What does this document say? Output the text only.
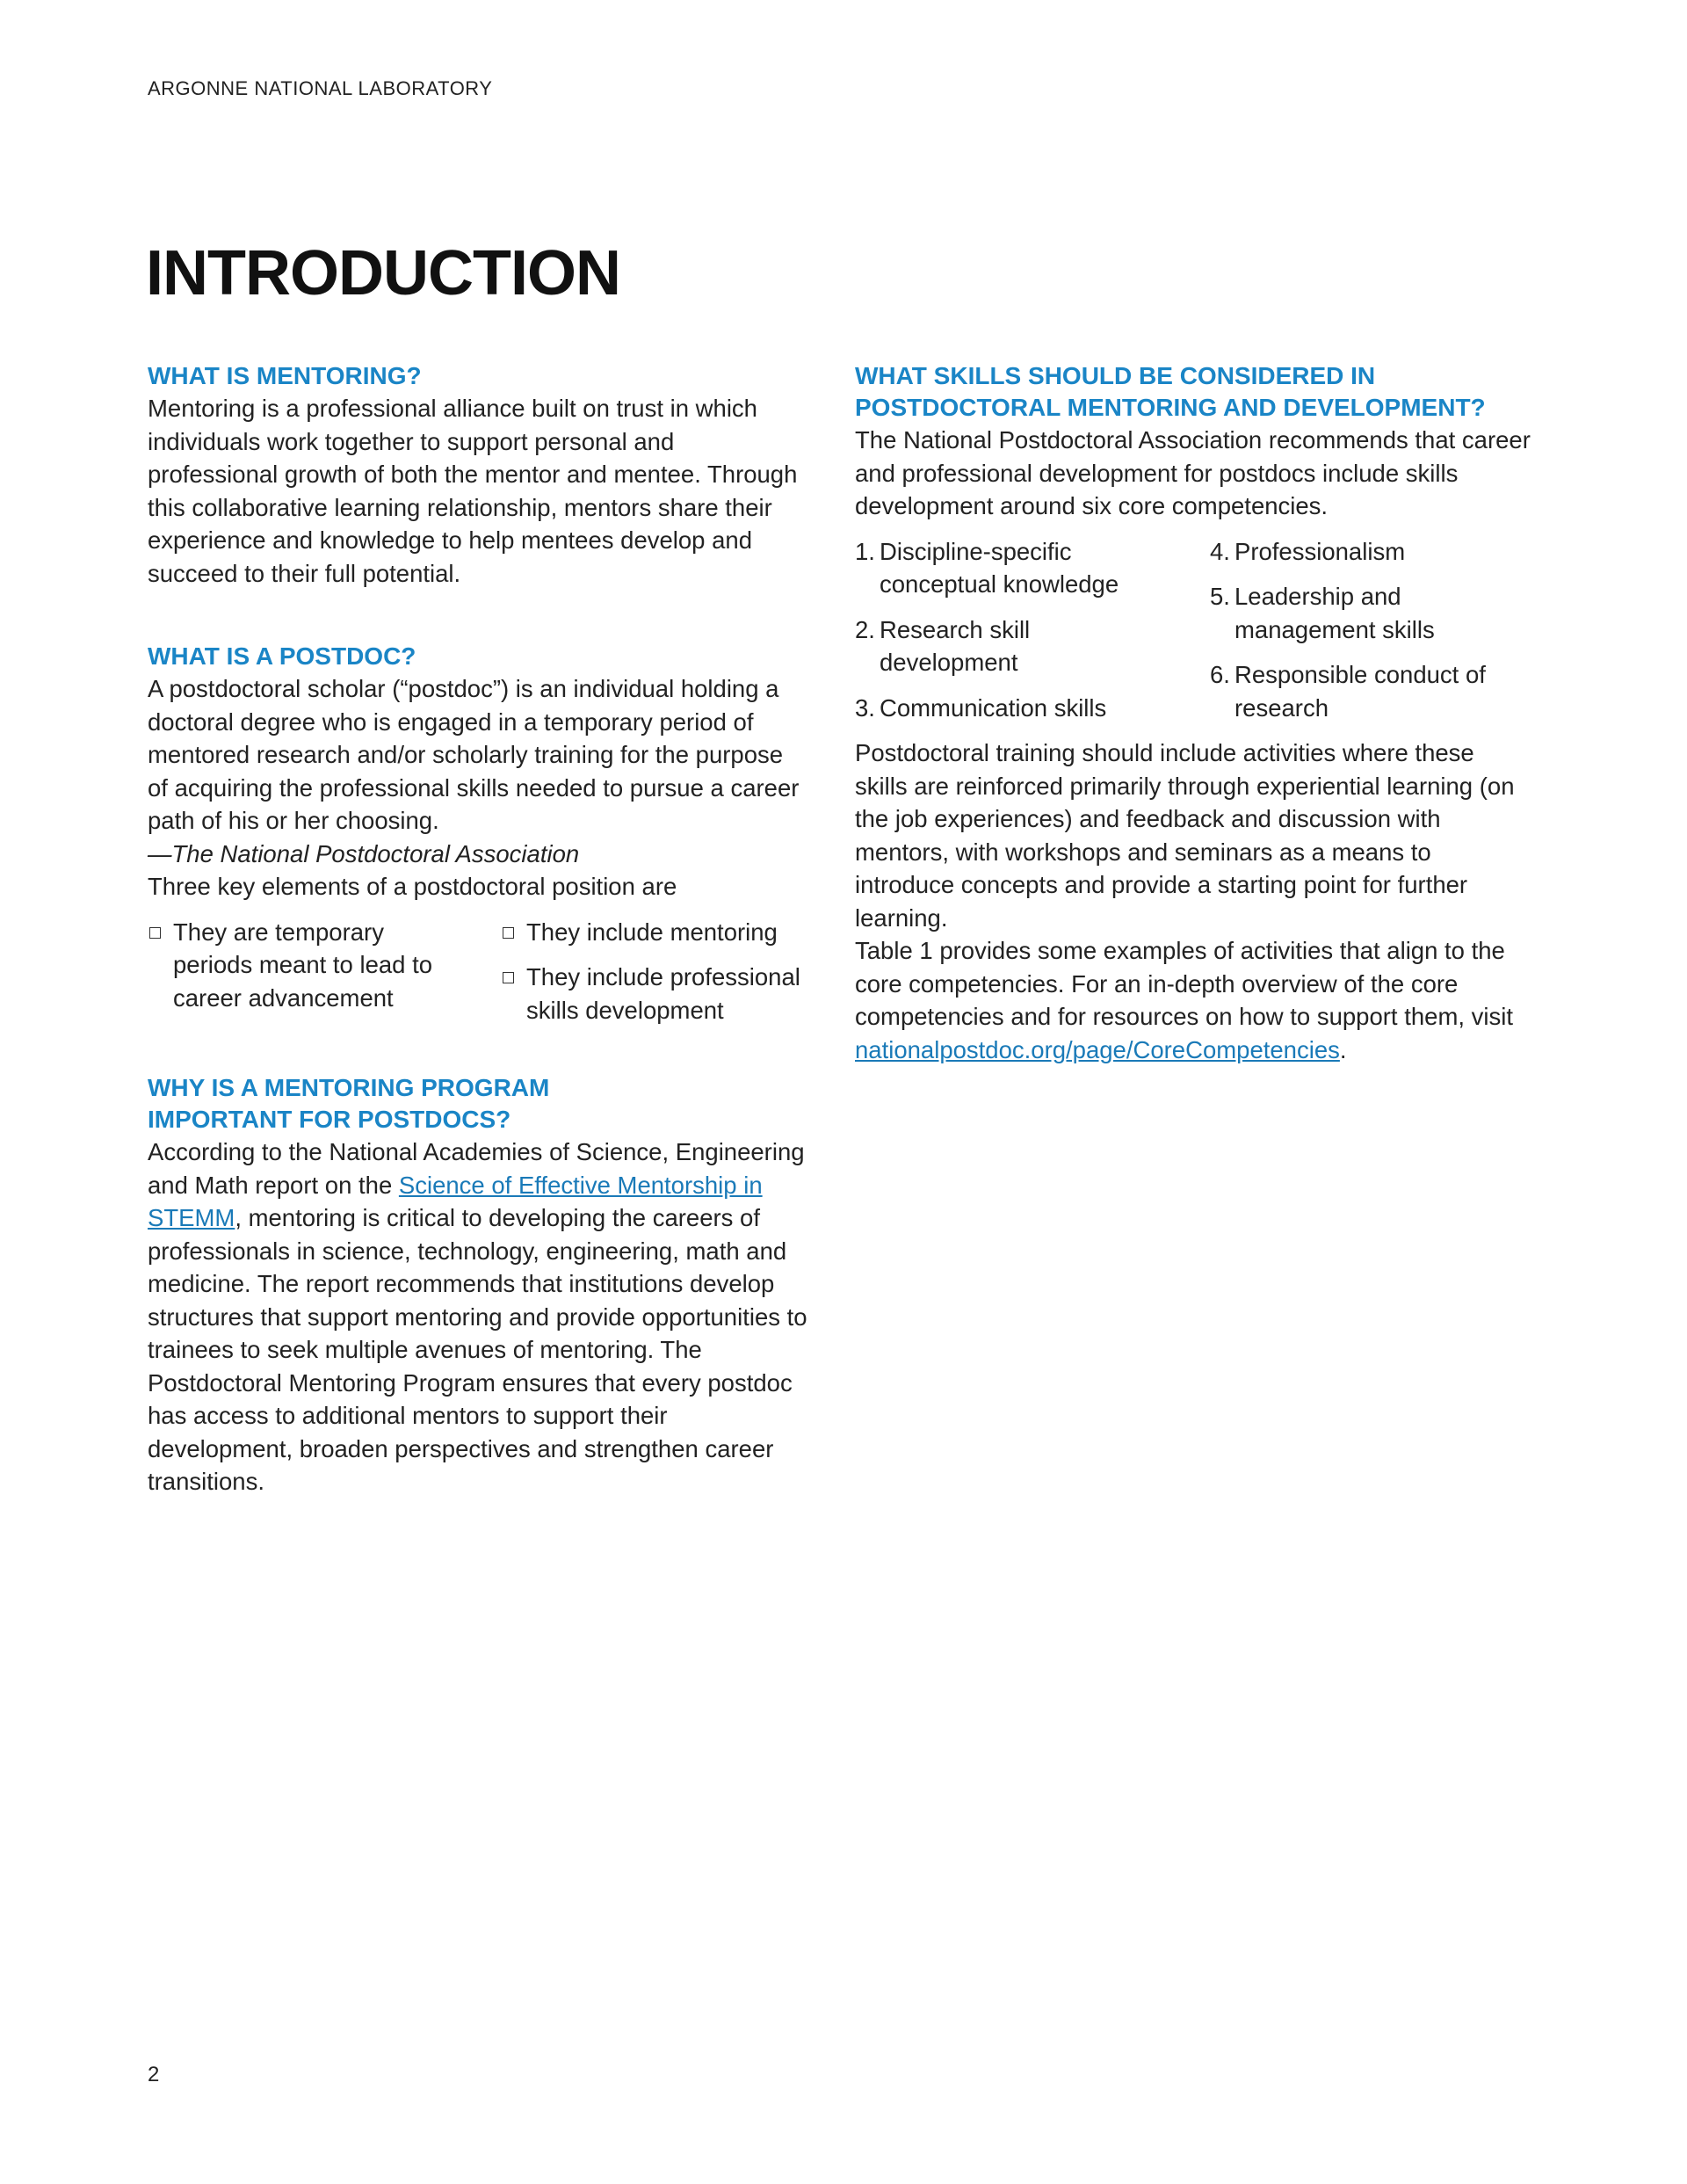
ARGONNE NATIONAL LABORATORY
INTRODUCTION
WHAT IS MENTORING?

Mentoring is a professional alliance built on trust in which individuals work together to support personal and professional growth of both the mentor and mentee. Through this collaborative learning relationship, mentors share their experience and knowledge to help mentees develop and succeed to their full potential.

WHAT IS A POSTDOC?

A postdoctoral scholar (“postdoc”) is an individual holding a doctoral degree who is engaged in a temporary period of mentored research and/or scholarly training for the purpose of acquiring the professional skills needed to pursue a career path of his or her choosing.

—The National Postdoctoral Association

Three key elements of a postdoctoral position are

They are temporary periods meant to lead to career advancement
They include mentoring
They include professional skills development
WHY IS A MENTORING PROGRAM
IMPORTANT FOR POSTDOCS?

According to the National Academies of Science, Engineering and Math report on the Science of Effective Mentorship in STEMM, mentoring is critical to developing the careers of professionals in science, technology, engineering, math and medicine. The report recommends that institutions develop structures that support mentoring and provide opportunities to trainees to seek multiple avenues of mentoring. The Postdoctoral Mentoring Program ensures that every postdoc has access to additional mentors to support their development, broaden perspectives and strengthen career transitions.

WHAT SKILLS SHOULD BE CONSIDERED IN
POSTDOCTORAL MENTORING AND DEVELOPMENT?

The National Postdoctoral Association recommends that career and professional development for postdocs include skills development around six core competencies.

1. Discipline-specific conceptual knowledge
2. Research skill development
3. Communication skills
4. Professionalism
5. Leadership and management skills
6. Responsible conduct of research

Postdoctoral training should include activities where these skills are reinforced primarily through experiential learning (on the job experiences) and feedback and discussion with mentors, with workshops and seminars as a means to introduce concepts and provide a starting point for further learning.

Table 1 provides some examples of activities that align to the core competencies. For an in-depth overview of the core competencies and for resources on how to support them, visit nationalpostdoc.org/page/CoreCompetencies.

2
